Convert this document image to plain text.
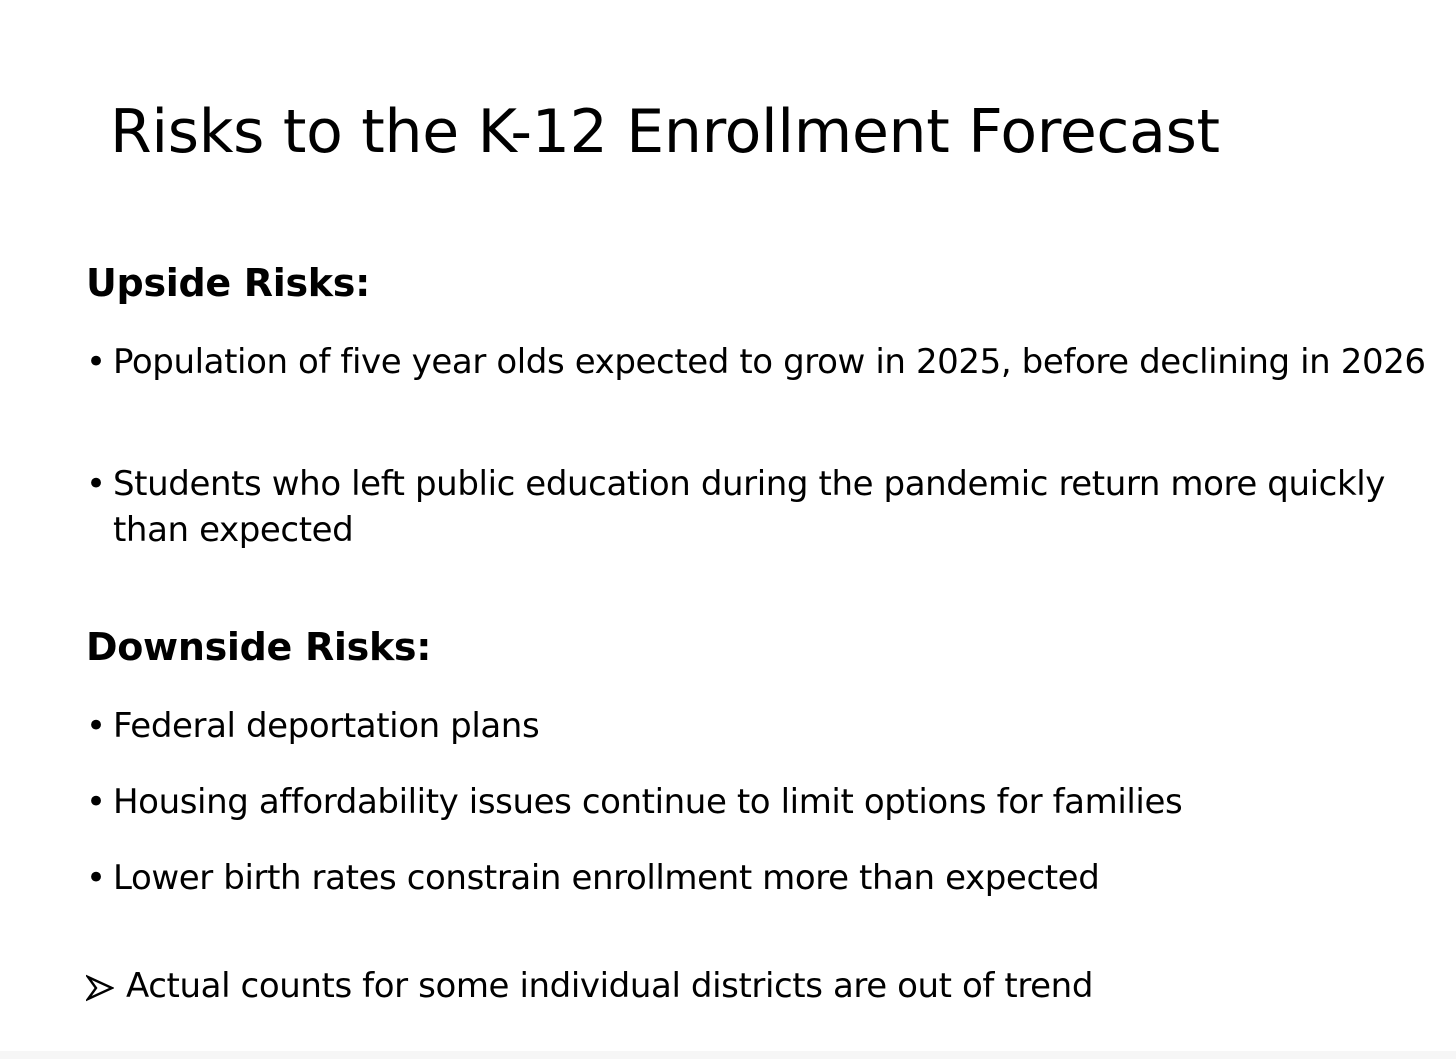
Risks to the K-12 Enrollment Forecast
Upside Risks:
• Population of five year olds expected to grow in 2025, before declining in 2026
• Students who left public education during the pandemic return more quickly than expected
Downside Risks:
• Federal deportation plans
• Housing affordability issues continue to limit options for families
• Lower birth rates constrain enrollment more than expected
Actual counts for some individual districts are out of trend
